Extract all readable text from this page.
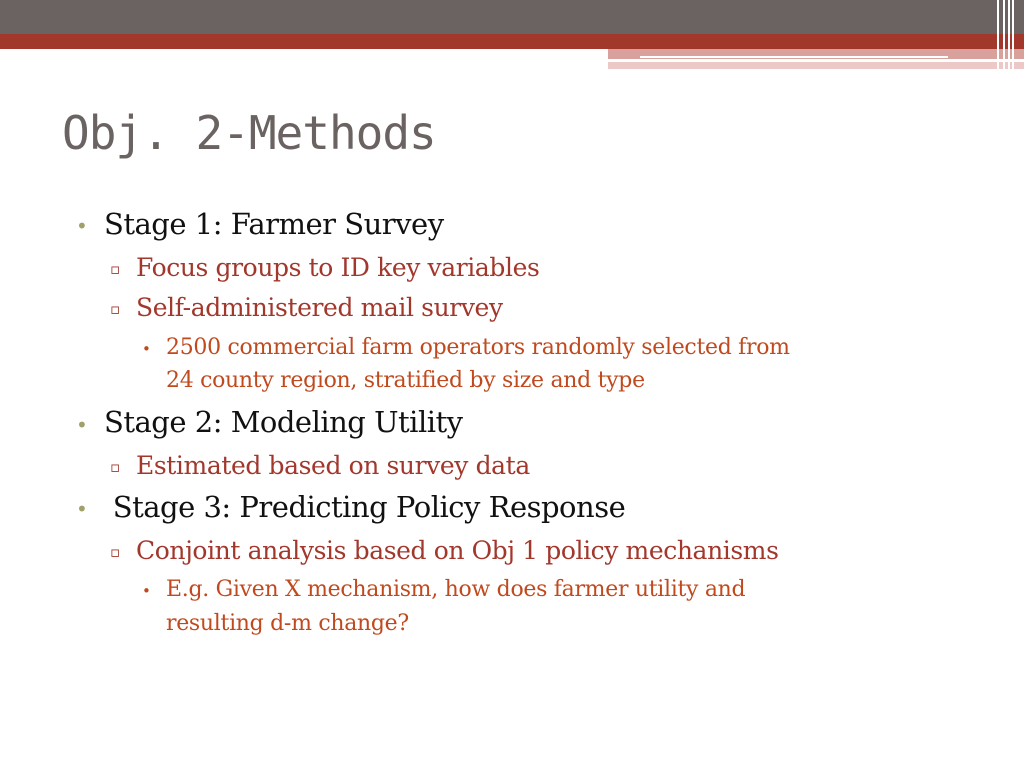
Obj. 2-Methods
• Stage 1: Farmer Survey
▫ Focus groups to ID key variables
▫ Self-administered mail survey
• 2500 commercial farm operators randomly selected from
24 county region, stratified by size and type
• Stage 2: Modeling Utility
▫ Estimated based on survey data
• Stage 3: Predicting Policy Response
▫ Conjoint analysis based on Obj 1 policy mechanisms
• E.g. Given X mechanism, how does farmer utility and
resulting d-m change?
